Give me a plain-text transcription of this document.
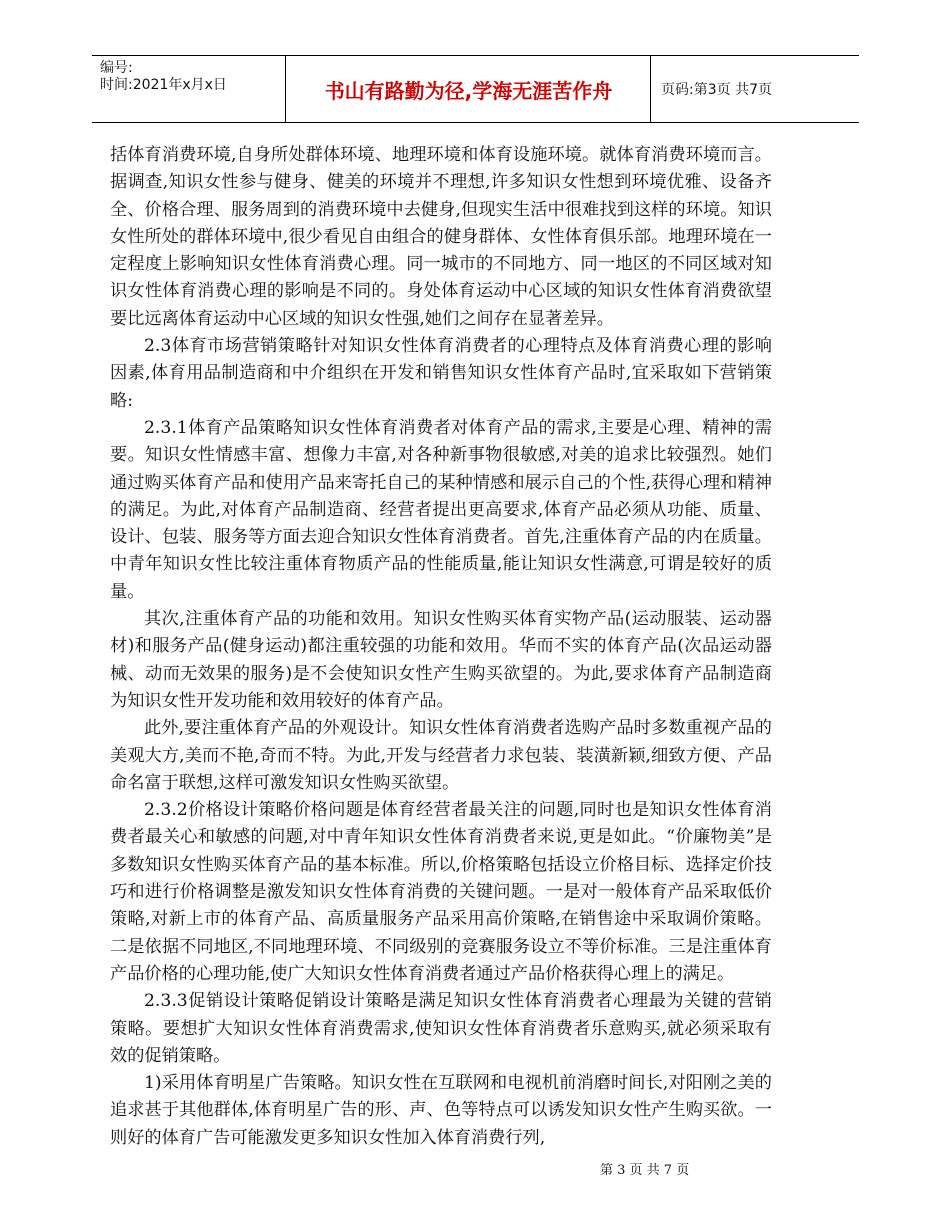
编号:
时间:2021年x月x日	书山有路勤为径,学海无涯苦作舟	页码:第3页 共7页

括体育消费环境,自身所处群体环境、地理环境和体育设施环境。就体育消费环境而言。据调查,知识女性参与健身、健美的环境并不理想,许多知识女性想到环境优雅、设备齐全、价格合理、服务周到的消费环境中去健身,但现实生活中很难找到这样的环境。知识女性所处的群体环境中,很少看见自由组合的健身群体、女性体育俱乐部。地理环境在一定程度上影响知识女性体育消费心理。同一城市的不同地方、同一地区的不同区域对知识女性体育消费心理的影响是不同的。身处体育运动中心区域的知识女性体育消费欲望要比远离体育运动中心区域的知识女性强,她们之间存在显著差异。

2.3体育市场营销策略针对知识女性体育消费者的心理特点及体育消费心理的影响因素,体育用品制造商和中介组织在开发和销售知识女性体育产品时,宜采取如下营销策略:

2.3.1体育产品策略知识女性体育消费者对体育产品的需求,主要是心理、精神的需要。知识女性情感丰富、想像力丰富,对各种新事物很敏感,对美的追求比较强烈。她们通过购买体育产品和使用产品来寄托自己的某种情感和展示自己的个性,获得心理和精神的满足。为此,对体育产品制造商、经营者提出更高要求,体育产品必须从功能、质量、设计、包装、服务等方面去迎合知识女性体育消费者。首先,注重体育产品的内在质量。中青年知识女性比较注重体育物质产品的性能质量,能让知识女性满意,可谓是较好的质量。

其次,注重体育产品的功能和效用。知识女性购买体育实物产品(运动服装、运动器材)和服务产品(健身运动)都注重较强的功能和效用。华而不实的体育产品(次品运动器械、动而无效果的服务)是不会使知识女性产生购买欲望的。为此,要求体育产品制造商为知识女性开发功能和效用较好的体育产品。

此外,要注重体育产品的外观设计。知识女性体育消费者选购产品时多数重视产品的美观大方,美而不艳,奇而不特。为此,开发与经营者力求包装、装潢新颖,细致方便、产品命名富于联想,这样可激发知识女性购买欲望。

2.3.2价格设计策略价格问题是体育经营者最关注的问题,同时也是知识女性体育消费者最关心和敏感的问题,对中青年知识女性体育消费者来说,更是如此。“价廉物美”是多数知识女性购买体育产品的基本标准。所以,价格策略包括设立价格目标、选择定价技巧和进行价格调整是激发知识女性体育消费的关键问题。一是对一般体育产品采取低价策略,对新上市的体育产品、高质量服务产品采用高价策略,在销售途中采取调价策略。二是依据不同地区,不同地理环境、不同级别的竞赛服务设立不等价标准。三是注重体育产品价格的心理功能,使广大知识女性体育消费者通过产品价格获得心理上的满足。

2.3.3促销设计策略促销设计策略是满足知识女性体育消费者心理最为关键的营销策略。要想扩大知识女性体育消费需求,使知识女性体育消费者乐意购买,就必须采取有效的促销策略。

1)采用体育明星广告策略。知识女性在互联网和电视机前消磨时间长,对阳刚之美的追求甚于其他群体,体育明星广告的形、声、色等特点可以诱发知识女性产生购买欲。一则好的体育广告可能激发更多知识女性加入体育消费行列,

第 3 页 共 7 页
